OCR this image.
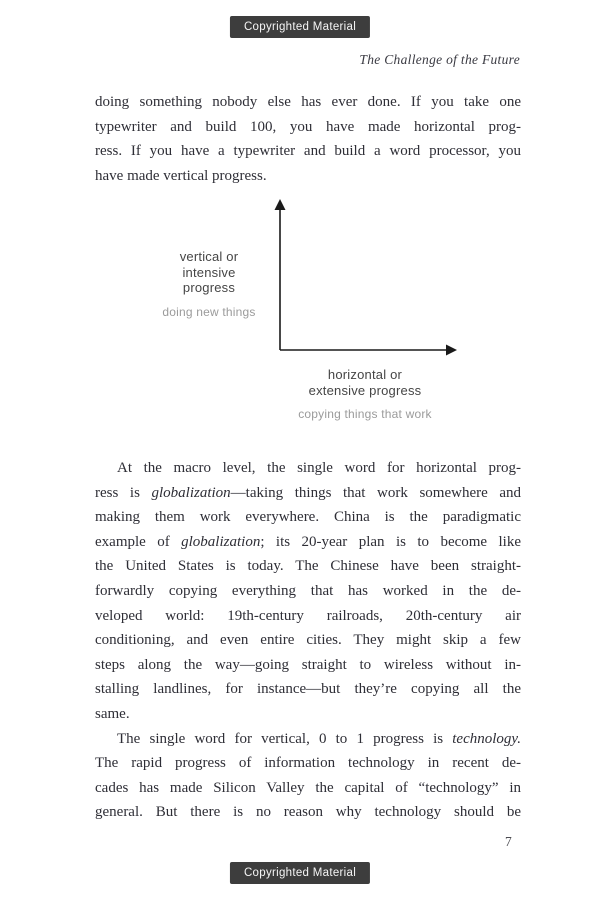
Copyrighted Material
The Challenge of the Future
doing something nobody else has ever done. If you take one
typewriter and build 100, you have made horizontal prog-
ress. If you have a typewriter and build a word processor, you
have made vertical progress.
vertical or
intensive
progress
doing new things
horizontal or
extensive progress
copying things that work
At the macro level, the single word for horizontal prog-
ress is globalization—taking things that work somewhere and
making them work everywhere. China is the paradigmatic
example of globalization; its 20-year plan is to become like
the United States is today. The Chinese have been straight-
forwardly copying everything that has worked in the de-
veloped world: 19th-century railroads, 20th-century air
conditioning, and even entire cities. They might skip a few
steps along the way—going straight to wireless without in-
stalling landlines, for instance—but they’re copying all the
same.
The single word for vertical, 0 to 1 progress is technology.
The rapid progress of information technology in recent de-
cades has made Silicon Valley the capital of “technology” in
general. But there is no reason why technology should be
7
Copyrighted Material
